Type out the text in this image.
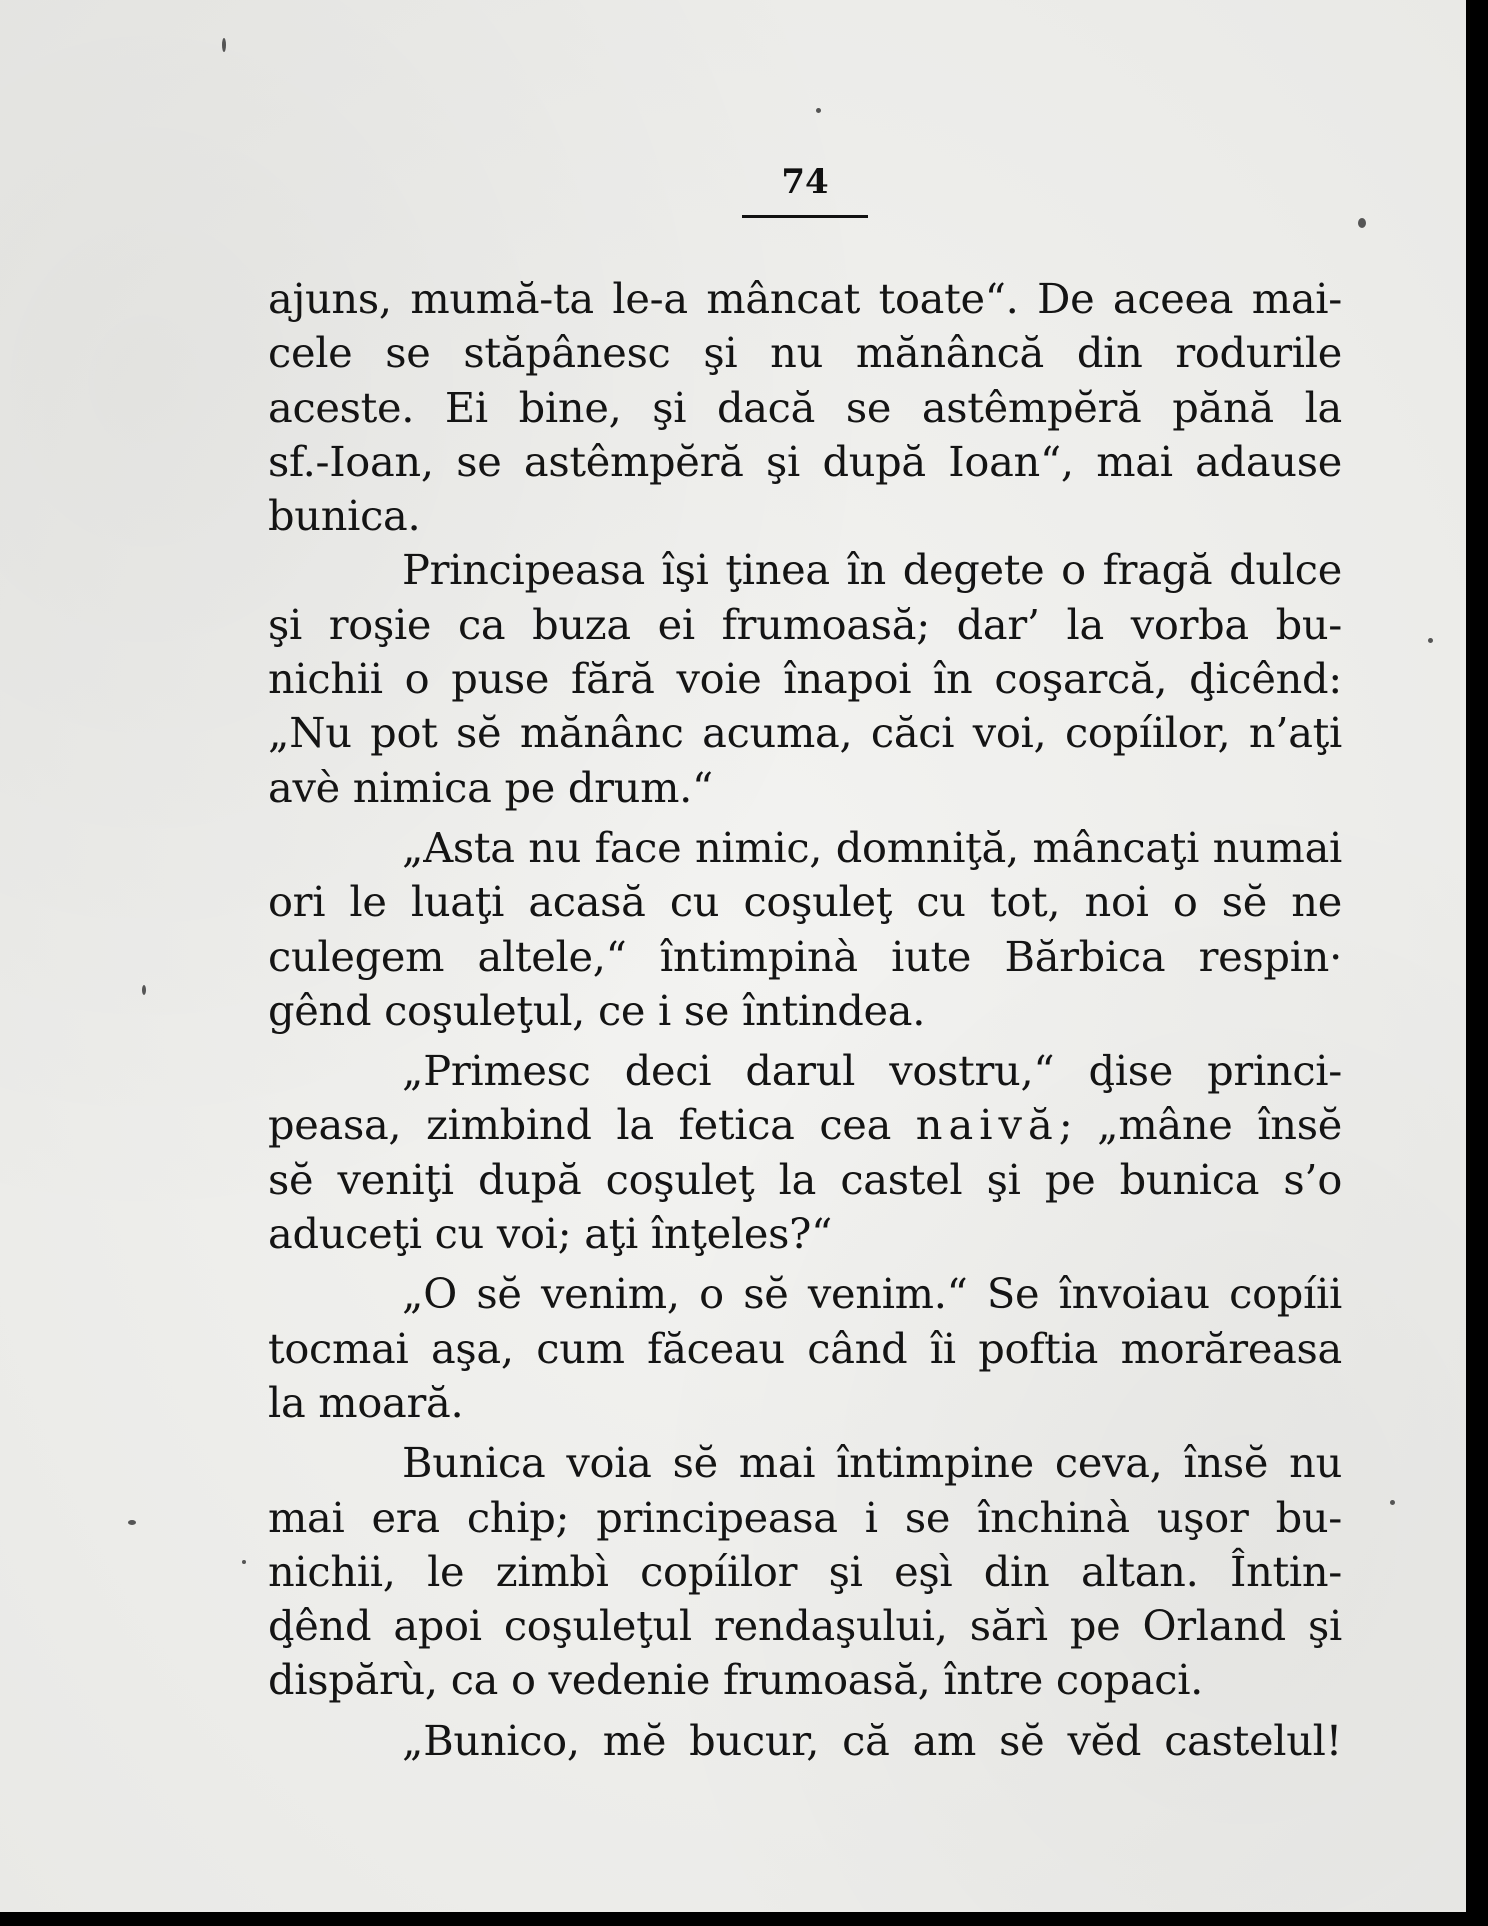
74
ajuns, mumă-ta le-a mâncat toate“. De aceea mai-
cele se stăpânesc şi nu mănâncă din rodurile
aceste. Ei bine, şi dacă se astêmpĕră pănă la
sf.-Ioan, se astêmpĕră şi după Ioan“, mai adause
bunica.
Principeasa îşi ţinea în degete o fragă dulce
şi roşie ca buza ei frumoasă; dar’ la vorba bu-
nichii o puse fără voie înapoi în coşarcă, ḑicênd:
„Nu pot sĕ mănânc acuma, căci voi, copíilor, n’aţi
avè nimica pe drum.“
„Asta nu face nimic, domniţă, mâncaţi numai
ori le luaţi acasă cu coşuleţ cu tot, noi o sĕ ne
culegem altele,“ întimpinà iute Bărbica respin·
gênd coşuleţul, ce i se întindea.
„Primesc deci darul vostru,“ ḑise princi-
peasa, zimbind la fetica cea naivă; „mâne însĕ
sĕ veniţi după coşuleţ la castel şi pe bunica s’o
aduceţi cu voi; aţi înţeles?“
„O sĕ venim, o sĕ venim.“ Se învoiau copíii
tocmai aşa, cum făceau când îi poftia morăreasa
la moară.
Bunica voia sĕ mai întimpine ceva, însĕ nu
mai era chip; principeasa i se închinà uşor bu-
nichii, le zimbì copíilor şi eşì din altan. Întin-
ḑênd apoi coşuleţul rendaşului, sărì pe Orland şi
dispărù, ca o vedenie frumoasă, între copaci.
„Bunico, mĕ bucur, că am sĕ vĕd castelul!
